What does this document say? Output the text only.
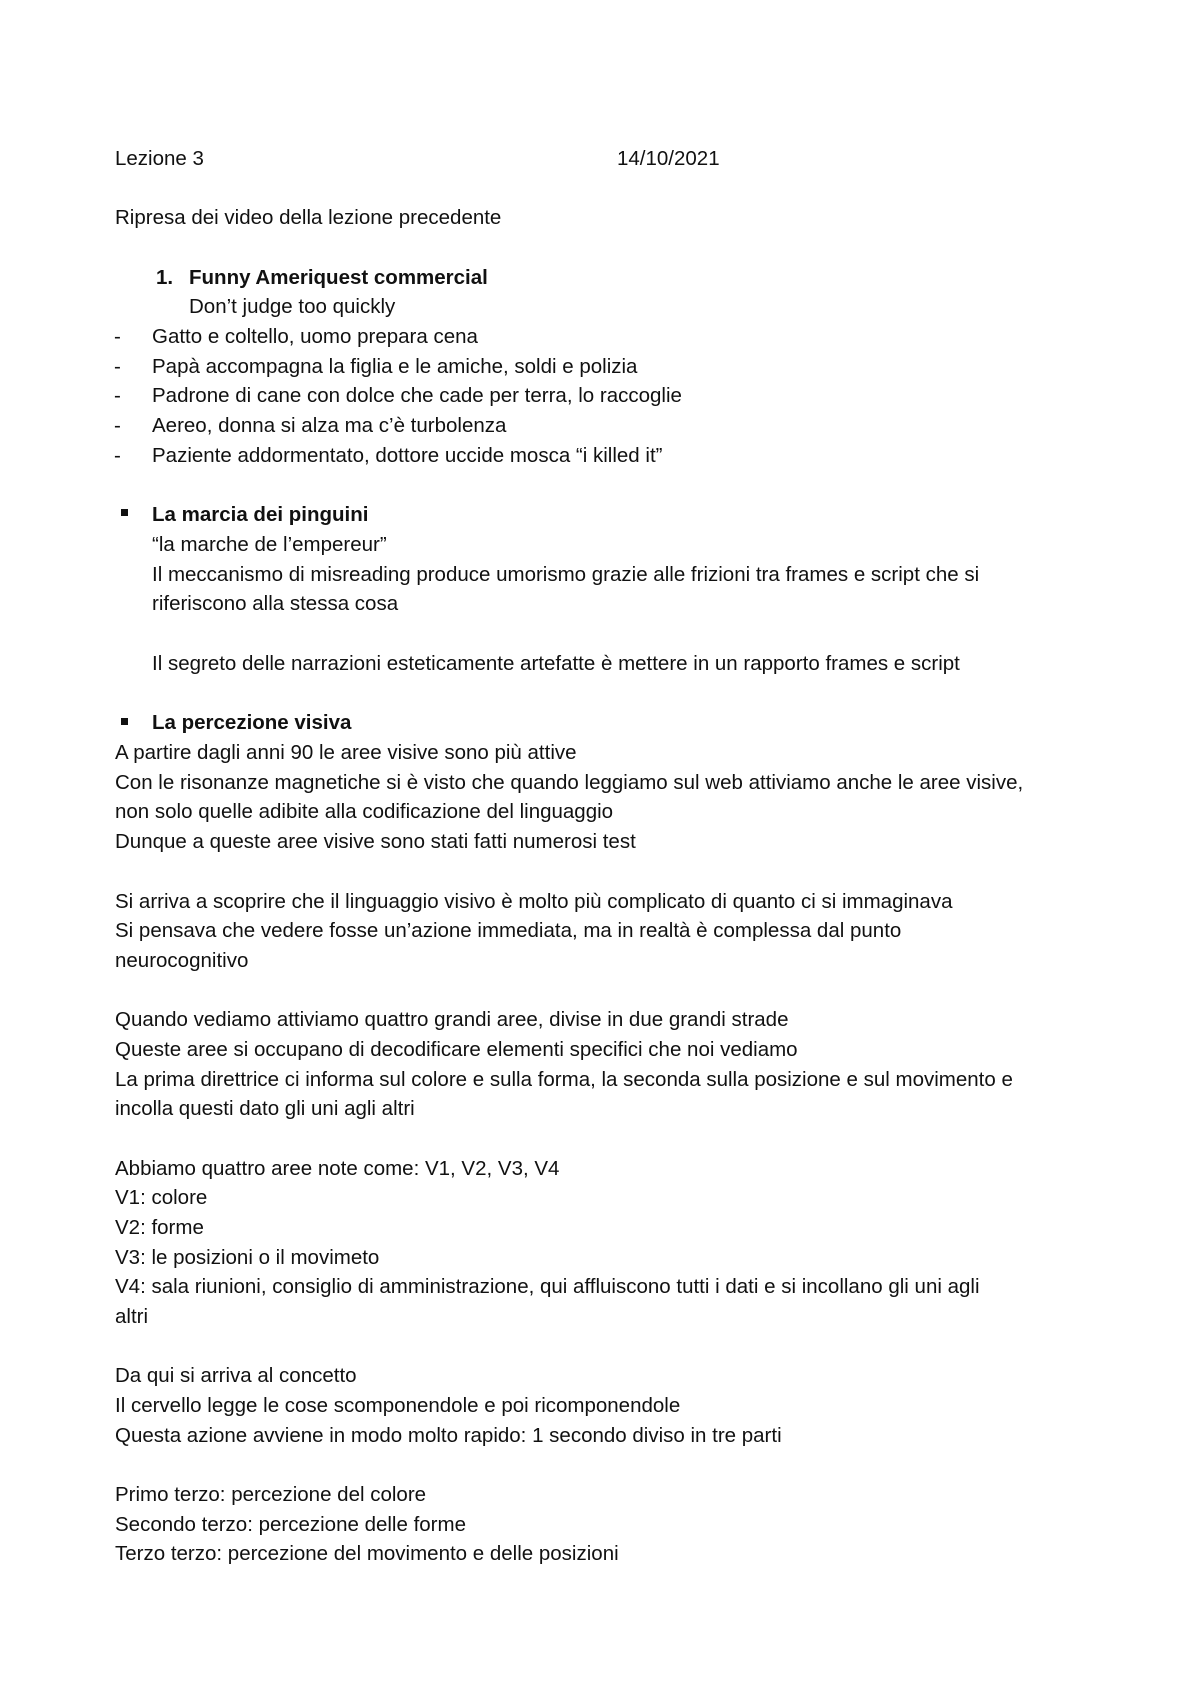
Lezione 3	14/10/2021
Ripresa dei video della lezione precedente
1. Funny Ameriquest commercial
Don’t judge too quickly
- Gatto e coltello, uomo prepara cena
- Papà accompagna la figlia e le amiche, soldi e polizia
- Padrone di cane con dolce che cade per terra, lo raccoglie
- Aereo, donna si alza ma c’è turbolenza
- Paziente addormentato, dottore uccide mosca “i killed it”
La marcia dei pinguini
“la marche de l’empereur”
Il meccanismo di misreading produce umorismo grazie alle frizioni tra frames e script che si
riferiscono alla stessa cosa
Il segreto delle narrazioni esteticamente artefatte è mettere in un rapporto frames e script
La percezione visiva
A partire dagli anni 90 le aree visive sono più attive
Con le risonanze magnetiche si è visto che quando leggiamo sul web attiviamo anche le aree visive,
non solo quelle adibite alla codificazione del linguaggio
Dunque a queste aree visive sono stati fatti numerosi test
Si arriva a scoprire che il linguaggio visivo è molto più complicato di quanto ci si immaginava
Si pensava che vedere fosse un’azione immediata, ma in realtà è complessa dal punto
neurocognitivo
Quando vediamo attiviamo quattro grandi aree, divise in due grandi strade
Queste aree si occupano di decodificare elementi specifici che noi vediamo
La prima direttrice ci informa sul colore e sulla forma, la seconda sulla posizione e sul movimento e
incolla questi dato gli uni agli altri
Abbiamo quattro aree note come: V1, V2, V3, V4
V1: colore
V2: forme
V3: le posizioni o il movimeto
V4: sala riunioni, consiglio di amministrazione, qui affluiscono tutti i dati e si incollano gli uni agli
altri
Da qui si arriva al concetto
Il cervello legge le cose scomponendole e poi ricomponendole
Questa azione avviene in modo molto rapido: 1 secondo diviso in tre parti
Primo terzo: percezione del colore
Secondo terzo: percezione delle forme
Terzo terzo: percezione del movimento e delle posizioni
